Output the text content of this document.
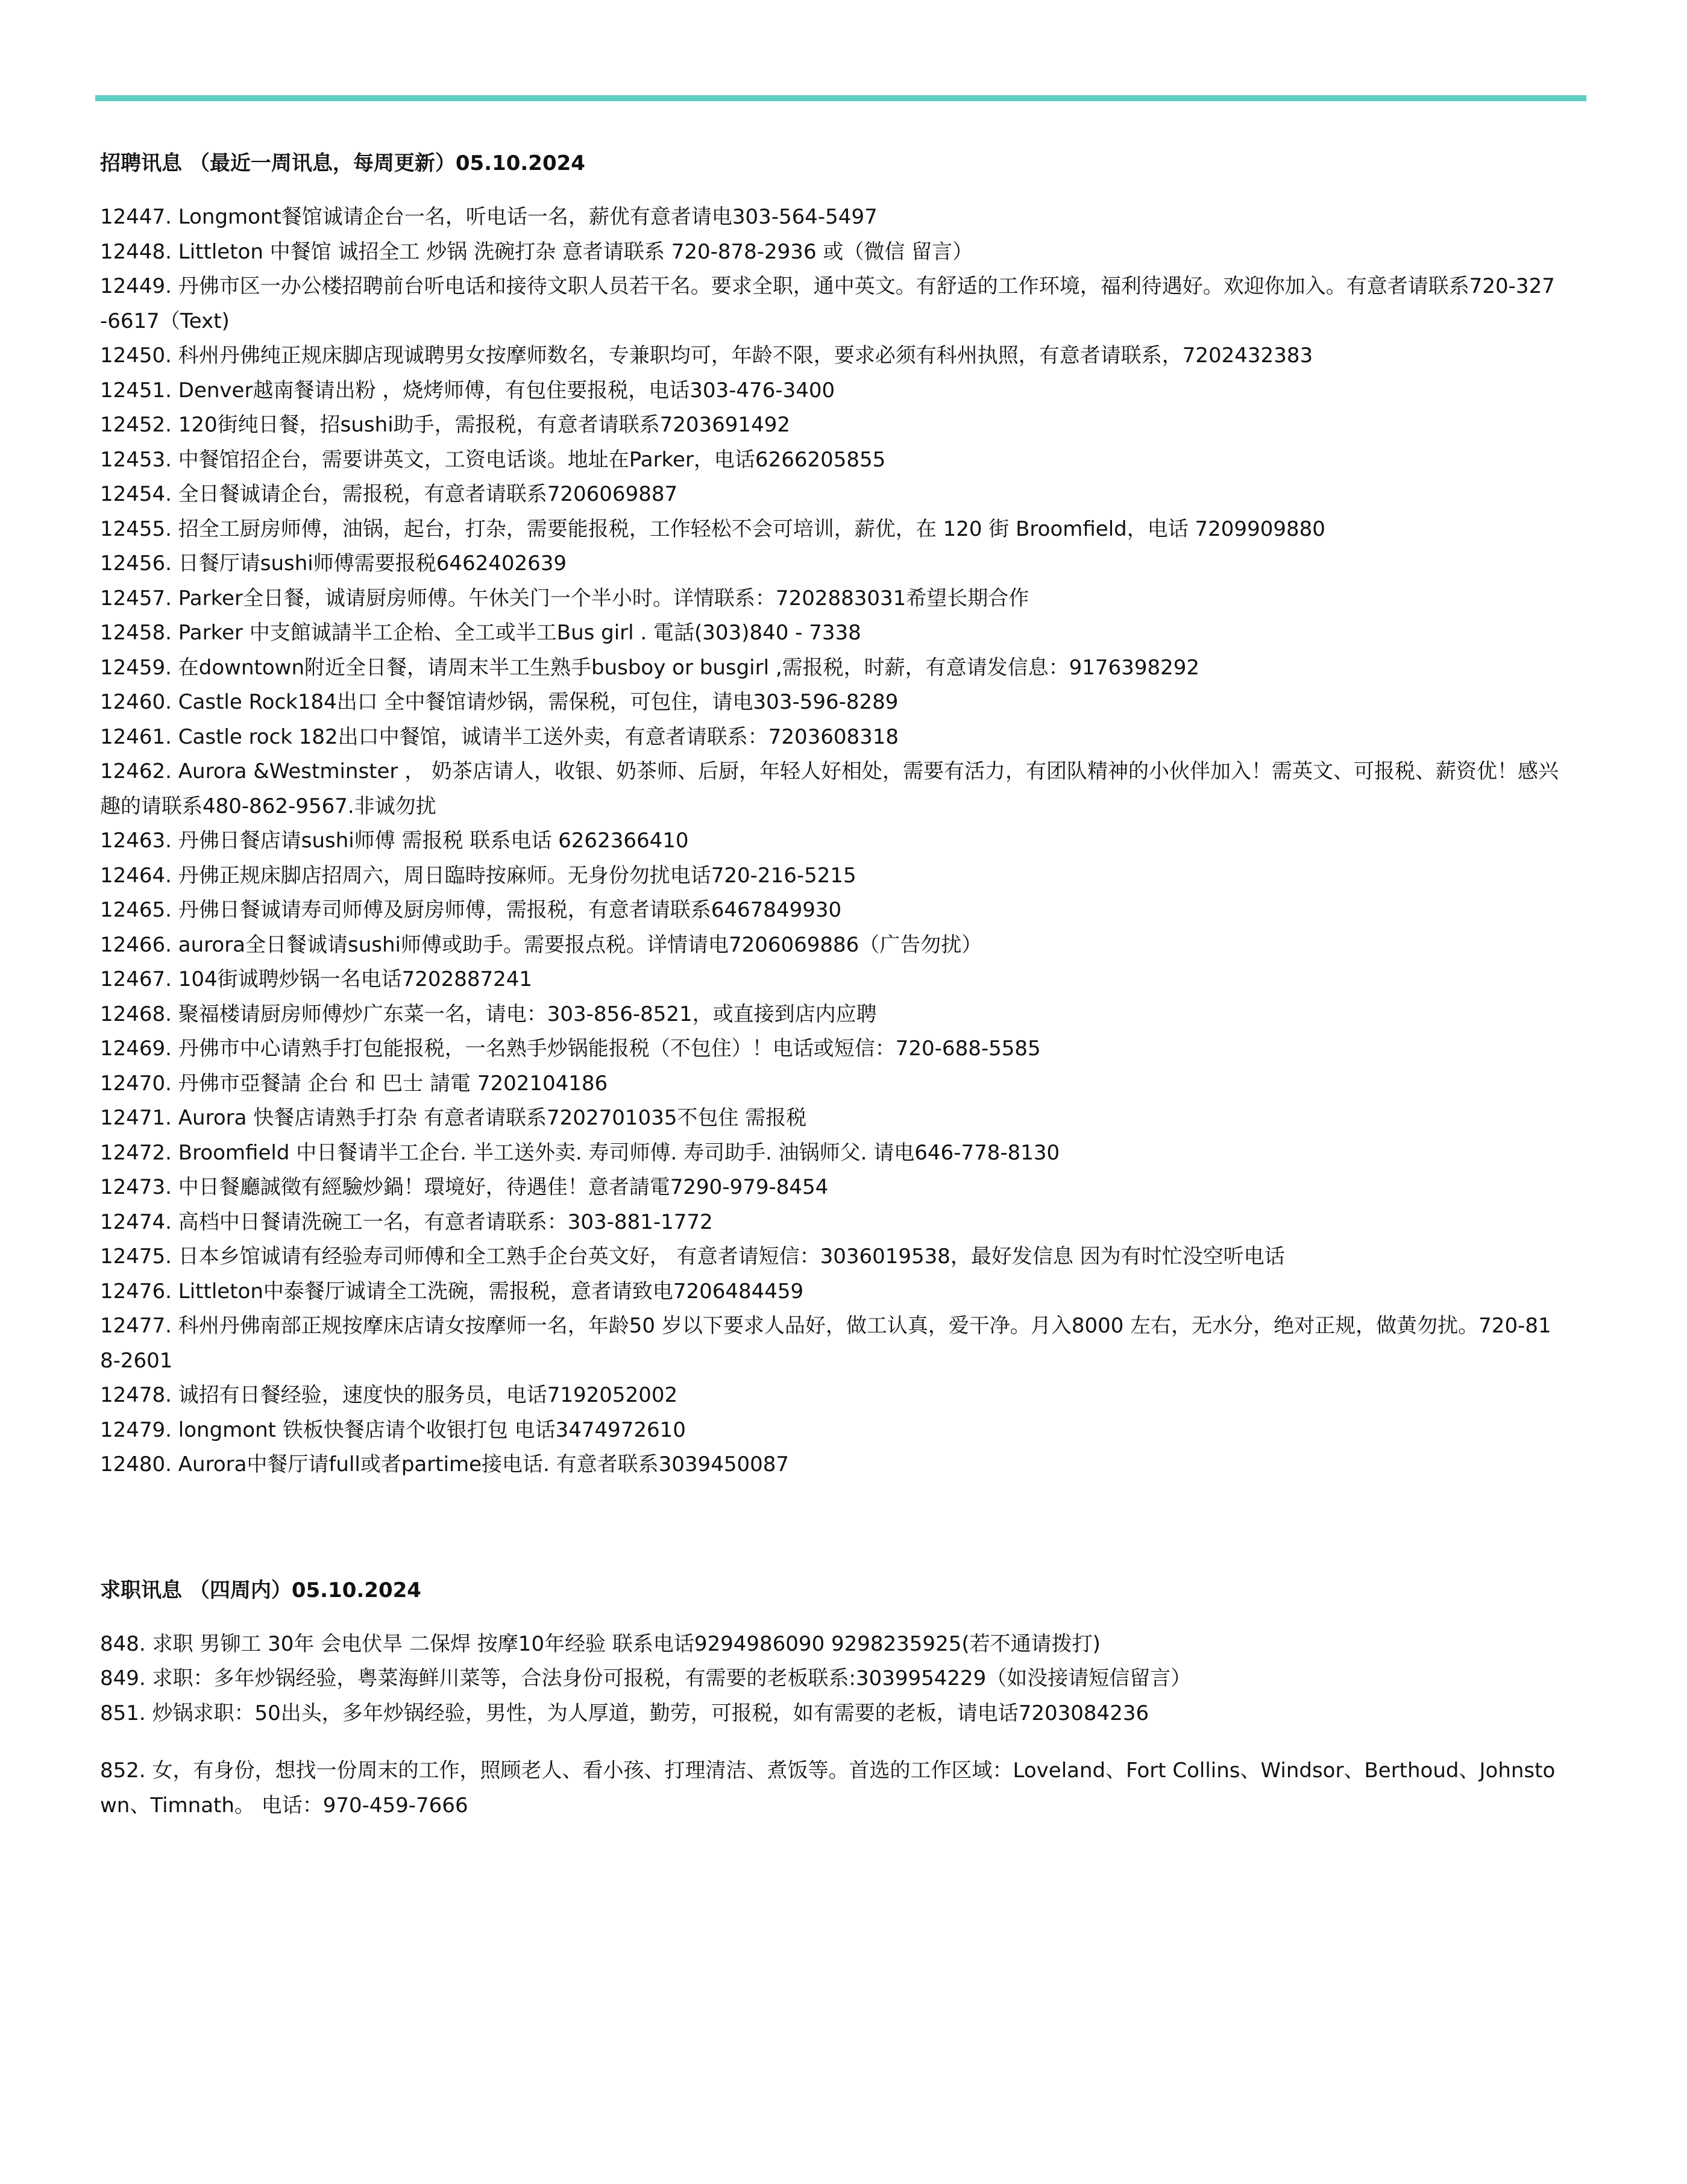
招聘讯息 （最近一周讯息，每周更新）05.10.2024
12447. Longmont餐馆诚请企台一名，听电话一名，薪优有意者请电303-564-5497
12448. Littleton 中餐馆 诚招全工 炒锅 洗碗打杂 意者请联系 720-878-2936 或（微信 留言）
12449. 丹佛市区一办公楼招聘前台听电话和接待文职人员若干名。要求全职，通中英文。有舒适的工作环境，福利待遇好。欢迎你加入。有意者请联系720-327-6617（Text)
12450. 科州丹佛纯正规床脚店现诚聘男女按摩师数名，专兼职均可，年龄不限，要求必须有科州执照，有意者请联系，7202432383
12451. Denver越南餐请出粉 ，烧烤师傅，有包住要报税，电话303-476-3400
12452. 120街纯日餐，招sushi助手，需报税，有意者请联系7203691492
12453. 中餐馆招企台，需要讲英文，工资电话谈。地址在Parker，电话6266205855
12454. 全日餐诚请企台，需报税，有意者请联系7206069887
12455. 招全工厨房师傅，油锅，起台，打杂，需要能报税，工作轻松不会可培训，薪优，在 120 街 Broomfield，电话 7209909880
12456. 日餐厅请sushi师傅需要报税6462402639
12457. Parker全日餐，诚请厨房师傅。午休关门一个半小时。详情联系：7202883031希望长期合作
12458. Parker 中支館诚請半工企枱、全工或半工Bus girl . 電話(303)840 - 7338
12459. 在downtown附近全日餐，请周末半工生熟手busboy or busgirl ,需报税，时薪，有意请发信息：9176398292
12460. Castle Rock184出口 全中餐馆请炒锅，需保税，可包住，请电303-596-8289
12461. Castle rock 182出口中餐馆，诚请半工送外卖，有意者请联系：7203608318
12462. Aurora &Westminster ， 奶茶店请人，收银、奶茶师、后厨，年轻人好相处，需要有活力，有团队精神的小伙伴加入！需英文、可报税、薪资优！感兴趣的请联系480-862-9567.非诚勿扰
12463. 丹佛日餐店请sushi师傅 需报税 联系电话 6262366410
12464. 丹佛正规床脚店招周六，周日臨時按麻师。无身份勿扰电话720-216-5215
12465. 丹佛日餐诚请寿司师傅及厨房师傅，需报税，有意者请联系6467849930
12466. aurora全日餐诚请sushi师傅或助手。需要报点税。详情请电7206069886（广告勿扰）
12467. 104街诚聘炒锅一名电话7202887241
12468. 聚福楼请厨房师傅炒广东菜一名，请电：303-856-8521，或直接到店内应聘
12469. 丹佛市中心请熟手打包能报税，一名熟手炒锅能报税（不包住）！电话或短信：720-688-5585
12470. 丹佛市亞餐請 企台 和 巴士 請電 7202104186
12471. Aurora 快餐店请熟手打杂 有意者请联系7202701035不包住 需报税
12472. Broomfield 中日餐请半工企台. 半工送外卖. 寿司师傅. 寿司助手. 油锅师父. 请电646-778-8130
12473. 中日餐廳誠徵有經驗炒鍋！環境好，待遇佳！意者請電7290-979-8454
12474. 高档中日餐请洗碗工一名，有意者请联系：303-881-1772
12475. 日本乡馆诚请有经验寿司师傅和全工熟手企台英文好， 有意者请短信：3036019538，最好发信息 因为有时忙没空听电话
12476. Littleton中泰餐厅诚请全工洗碗，需报税，意者请致电7206484459
12477. 科州丹佛南部正规按摩床店请女按摩师一名，年龄50 岁以下要求人品好，做工认真，爱干净。月入8000 左右，无水分，绝对正规，做黄勿扰。720-818-2601
12478. 诚招有日餐经验，速度快的服务员，电话7192052002
12479. longmont 铁板快餐店请个收银打包 电话3474972610
12480. Aurora中餐厅请full或者partime接电话. 有意者联系3039450087
求职讯息 （四周内）05.10.2024
848. 求职 男铆工 30年 会电伏旱 二保焊 按摩10年经验 联系电话9294986090 9298235925(若不通请拨打)
849. 求职：多年炒锅经验，粤菜海鲜川菜等，合法身份可报税，有需要的老板联系:3039954229（如没接请短信留言）
851. 炒锅求职：50出头，多年炒锅经验，男性，为人厚道，勤劳，可报税，如有需要的老板，请电话7203084236
852. 女，有身份，想找一份周末的工作，照顾老人、看小孩、打理清洁、煮饭等。首选的工作区域：Loveland、Fort Collins、Windsor、Berthoud、Johnstown、Timnath。 电话：970-459-7666
